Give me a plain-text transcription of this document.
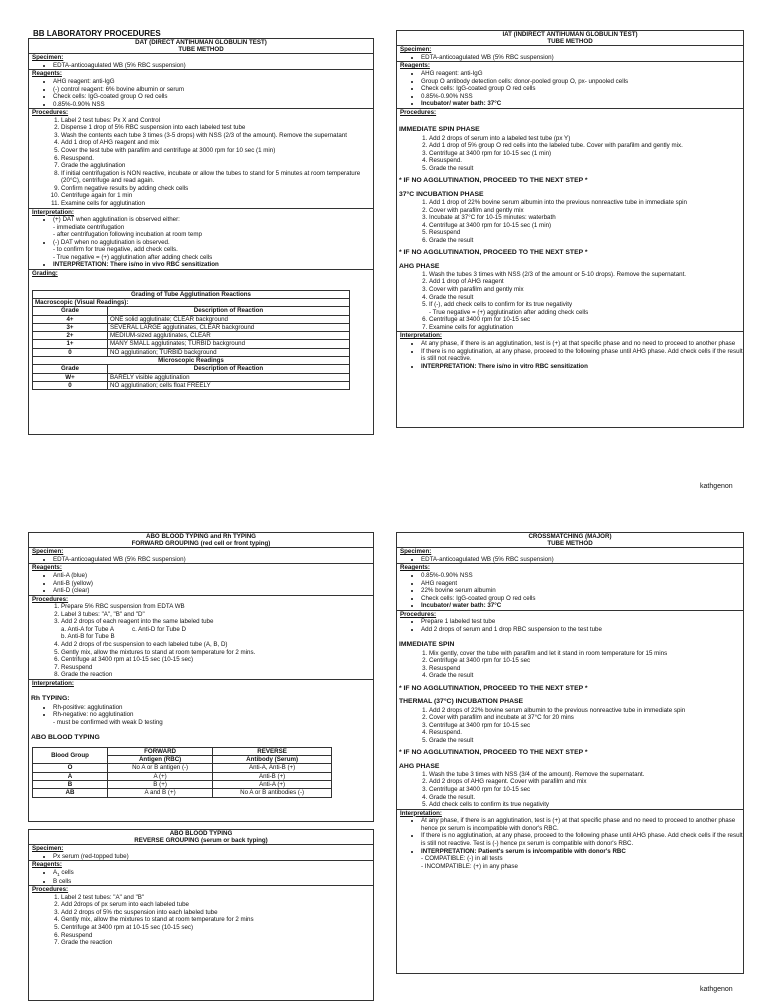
BB LABORATORY PROCEDURES
DAT (DIRECT ANTIHUMAN GLOBULIN TEST)
TUBE METHOD
Specimen:
• EDTA-anticoagulated WB (5% RBC suspension)
Reagents:
• AHG reagent: anti-IgG
• (-) control reagent: 6% bovine albumin or serum
• Check cells: IgG-coated group O red cells
• 0.85%-0.90% NSS
Procedures:
1. Label 2 test tubes: Px X and Control
2. Dispense 1 drop of 5% RBC suspension into each labeled test tube
3. Wash the contents each tube 3 times (3-5 drops) with NSS (2/3 of the amount). Remove the supernatant
4. Add 1 drop of AHG reagent and mix
5. Cover the test tube with parafilm and centrifuge at 3000 rpm for 10 sec (1 min)
6. Resuspend.
7. Grade the agglutination
8. If initial centrifugation is NON reactive, incubate or allow the tubes to stand for 5 minutes at room temperature (20°C), centrifuge and read again.
9. Confirm negative results by adding check cells
10. Centrifuge again for 1 min
11. Examine cells for agglutination
Interpretation:
• (+) DAT when agglutination is observed either:
- immediate centrifugation
- after centrifugation following incubation at room temp
• (-) DAT when no agglutination is observed.
- to confirm for true negative, add check cells.
- True negative = (+) agglutination after adding check cells
• INTERPRETATION: There is/no in vivo RBC sensitization
Grading:
Grading of Tube Agglutination Reactions	
Macroscopic (Visual Readings):	
Grade	Description of Reaction
4+	ONE solid agglutinate; CLEAR background
3+	SEVERAL LARGE agglutinates, CLEAR background
2+	MEDIUM-sized agglutinates, CLEAR
1+	MANY SMALL agglutinates; TURBID background
0	NO agglutination; TURBID background
Microscopic Readings	
Grade	Description of Reaction
W+	BARELY visible agglutination
0	NO agglutination; cells float FREELY
IAT (INDIRECT ANTIHUMAN GLOBULIN TEST)
TUBE METHOD
Specimen:
• EDTA-anticoagulated WB (5% RBC suspension)
Reagents:
• AHG reagent: anti-IgG
• Group O antibody detection cells: donor-pooled group O, px- unpooled cells
• Check cells: IgG-coated group O red cells
• 0.85%-0.90% NSS
• Incubator/ water bath: 37°C
Procedures:
IMMEDIATE SPIN PHASE
1. Add 2 drops of serum into a labeled test tube (px Y)
2. Add 1 drop of 5% group O red cells into the labeled tube. Cover with parafilm and gently mix.
3. Centrifuge at 3400 rpm for 10-15 sec (1 min)
4. Resuspend.
5. Grade the result
* IF NO AGGLUTINATION, PROCEED TO THE NEXT STEP *
37°C INCUBATION PHASE
1. Add 1 drop of 22% bovine serum albumin into the previous nonreactive tube in immediate spin
2. Cover with parafilm and gently mix
3. Incubate at 37°C for 10-15 minutes: waterbath
4. Centrifuge at 3400 rpm for 10-15 sec (1 min)
5. Resuspend
6. Grade the result
* IF NO AGGLUTINATION, PROCEED TO THE NEXT STEP *
AHG PHASE
1. Wash the tubes 3 times with NSS (2/3 of the amount or 5-10 drops). Remove the supernatant.
2. Add 1 drop of AHG reagent
3. Cover with parafilm and gently mix
4. Grade the result
5. If (-), add check cells to confirm for its true negativity
- True negative = (+) agglutination after adding check cells
6. Centrifuge at 3400 rpm for 10-15 sec
7. Examine cells for agglutination
Interpretation:
• At any phase, if there is an agglutination, test is (+) at that specific phase and no need to proceed to another phase
• If there is no agglutination, at any phase, proceed to the following phase until AHG phase. Add check cells if the result is still not reactive.
• INTERPRETATION: There is/no in vitro RBC sensitization
kathgenon
ABO BLOOD TYPING and Rh TYPING
FORWARD GROUPING (red cell or front typing)
Specimen:
• EDTA-anticoagulated WB (5% RBC suspension)
Reagents:
• Anti-A (blue)
• Anti-B (yellow)
• Anti-D (clear)
Procedures:
1. Prepare 5% RBC suspension from EDTA WB
2. Label 3 tubes: "A", "B" and "D"
3. Add 2 drops of each reagent into the same labeled tube
a. Anti-A for Tube A	c. Anti-D for Tube D
b. Anti-B for Tube B
4. Add 2 drops of rbc suspension to each labeled tube (A, B, D)
5. Gently mix, allow the mixtures to stand at room temperature for 2 mins.
6. Centrifuge at 3400 rpm at 10-15 sec (10-15 sec)
7. Resuspend
8. Grade the reaction
Interpretation:
Rh TYPING:
• Rh-positive: agglutination
• Rh-negative: no agglutination
- must be confirmed with weak D testing
ABO BLOOD TYPING
Blood Group	FORWARD	REVERSE
	Antigen (RBC)	Antibody (Serum)
O	No A or B antigen (-)	Anti-A, Anti-B (+)
A	A (+)	Anti-B (+)
B	B (+)	Anti-A (+)
AB	A and B (+)	No A or B antibodies (-)
ABO BLOOD TYPING
REVERSE GROUPING (serum or back typing)
Specimen:
• Px serum (red-topped tube)
Reagents:
• $A_1$ cells
• B cells
Procedures:
1. Label 2 test tubes: "A" and "B"
2. Add 2drops of px serum into each labeled tube
3. Add 2 drops of 5% rbc suspension into each labeled tube
4. Gently mix, allow the mixtures to stand at room temperature for 2 mins
5. Centrifuge at 3400 rpm at 10-15 sec (10-15 sec)
6. Resuspend
7. Grade the reaction
CROSSMATCHING (MAJOR)
TUBE METHOD
Specimen:
• EDTA-anticoagulated WB (5% RBC suspension)
Reagents:
• 0.85%-0.90% NSS
• AHG reagent
• 22% bovine serum albumin
• Check cells: IgG-coated group O red cells
• Incubator/ water bath: 37°C
Procedures:
• Prepare 1 labeled test tube
• Add 2 drops of serum and 1 drop RBC suspension to the test tube
IMMEDIATE SPIN
1. Mix gently, cover the tube with parafilm and let it stand in room temperature for 15 mins
2. Centrifuge at 3400 rpm for 10-15 sec
3. Resuspend
4. Grade the result
* IF NO AGGLUTINATION, PROCEED TO THE NEXT STEP *
THERMAL (37°C) INCUBATION PHASE
1. Add 2 drops of 22% bovine serum albumin to the previous nonreactive tube in immediate spin
2. Cover with parafilm and incubate at 37°C for 20 mins
3. Centrifuge at 3400 rpm for 10-15 sec
4. Resuspend.
5. Grade the result
* IF NO AGGLUTINATION, PROCEED TO THE NEXT STEP *
AHG PHASE
1. Wash the tube 3 times with NSS (3/4 of the amount). Remove the supernatant.
2. Add 2 drops of AHG reagent. Cover with parafilm and mix
3. Centrifuge at 3400 rpm for 10-15 sec
4. Grade the result.
5. Add check cells to confirm its true negativity
Interpretation:
• At any phase, if there is an agglutination, test is (+) at that specific phase and no need to proceed to another phase hence px serum is incompatible with donor's RBC.
• If there is no agglutination, at any phase, proceed to the following phase until AHG phase. Add check cells if the result is still not reactive. Test is (-) hence px serum is compatible with donor's RBC.
• INTERPRETATION: Patient's serum is in/compatible with donor's RBC
- COMPATIBLE: (-) in all tests
- INCOMPATIBLE: (+) in any phase
kathgenon
